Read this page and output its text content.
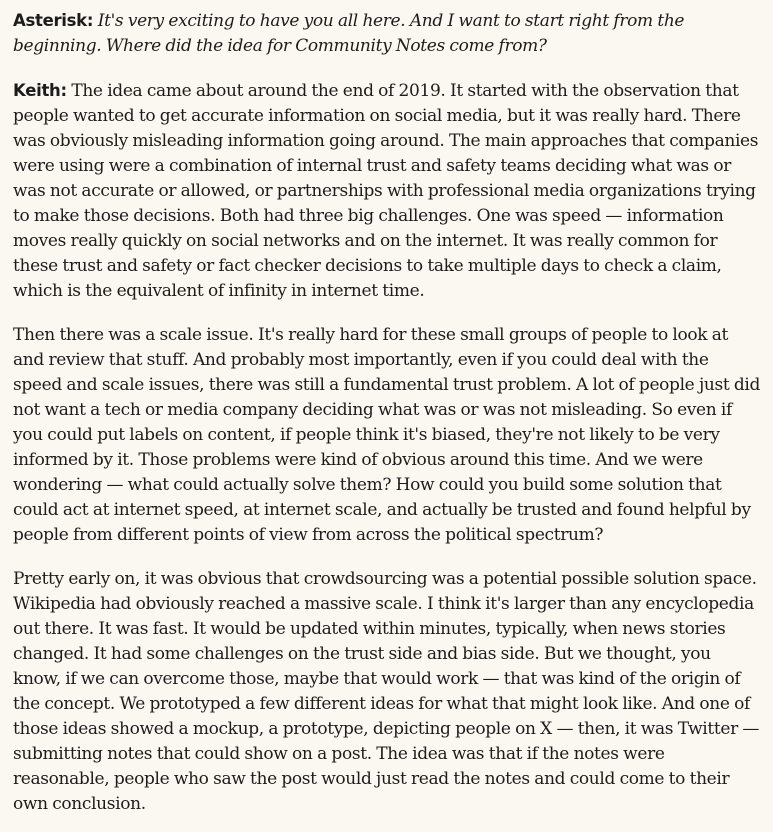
Asterisk: It's very exciting to have you all here. And I want to start right from the beginning. Where did the idea for Community Notes come from?

Keith: The idea came about around the end of 2019. It started with the observation that people wanted to get accurate information on social media, but it was really hard. There was obviously misleading information going around. The main approaches that companies were using were a combination of internal trust and safety teams deciding what was or was not accurate or allowed, or partnerships with professional media organizations trying to make those decisions. Both had three big challenges. One was speed — information moves really quickly on social networks and on the internet. It was really common for these trust and safety or fact checker decisions to take multiple days to check a claim, which is the equivalent of infinity in internet time.

Then there was a scale issue. It's really hard for these small groups of people to look at and review that stuff. And probably most importantly, even if you could deal with the speed and scale issues, there was still a fundamental trust problem. A lot of people just did not want a tech or media company deciding what was or was not misleading. So even if you could put labels on content, if people think it's biased, they're not likely to be very informed by it. Those problems were kind of obvious around this time. And we were wondering — what could actually solve them? How could you build some solution that could act at internet speed, at internet scale, and actually be trusted and found helpful by people from different points of view from across the political spectrum?

Pretty early on, it was obvious that crowdsourcing was a potential possible solution space. Wikipedia had obviously reached a massive scale. I think it's larger than any encyclopedia out there. It was fast. It would be updated within minutes, typically, when news stories changed. It had some challenges on the trust side and bias side. But we thought, you know, if we can overcome those, maybe that would work — that was kind of the origin of the concept. We prototyped a few different ideas for what that might look like. And one of those ideas showed a mockup, a prototype, depicting people on X — then, it was Twitter — submitting notes that could show on a post. The idea was that if the notes were reasonable, people who saw the post would just read the notes and could come to their own conclusion.
